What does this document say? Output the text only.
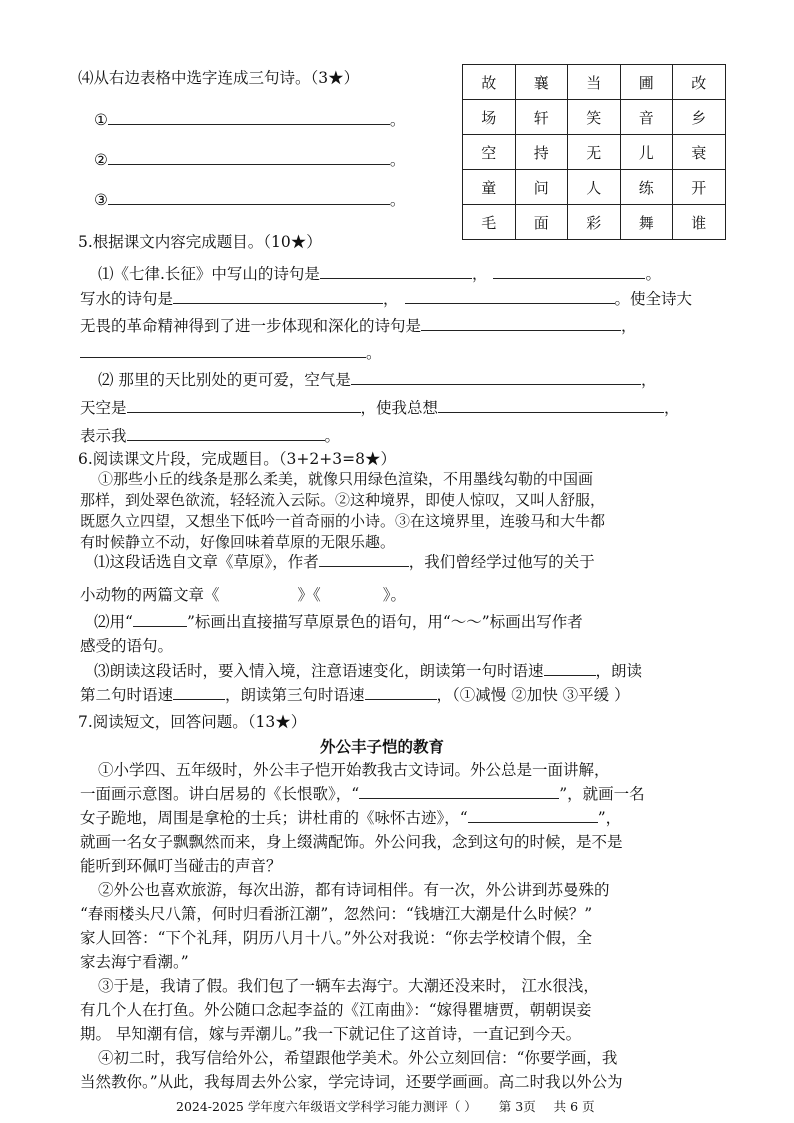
⑷从右边表格中选字连成三句诗。（3★）
①	。
②	。
③	。
故	襄	当	圃	改
场	轩	笑	音	乡
空	持	无	儿	衰
童	问	人	练	开
毛	面	彩	舞	谁
5.根据课文内容完成题目。（10★）
⑴《七律.长征》中写山的诗句是	，	。
写水的诗句是	，	。使全诗大
无畏的革命精神得到了进一步体现和深化的诗句是	，
。
⑵ 那里的天比别处的更可爱，空气是	，
天空是	，使我总想	，
表示我	。
6.阅读课文片段，完成题目。（3+2+3=8★）
①那些小丘的线条是那么柔美，就像只用绿色渲染，不用墨线勾勒的中国画
那样，到处翠色欲流，轻轻流入云际。②这种境界，即使人惊叹，又叫人舒服，
既愿久立四望，又想坐下低吟一首奇丽的小诗。③在这境界里，连骏马和大牛都
有时候静立不动，好像回味着草原的无限乐趣。
⑴这段话选自文章《草原》，作者	，我们曾经学过他写的关于
小动物的两篇文章《	》《	》。
⑵用“	”标画出直接描写草原景色的语句，用“～～”标画出写作者
感受的语句。
⑶朗读这段话时，要入情入境，注意语速变化，朗读第一句时语速	，朗读
第二句时语速	，朗读第三句时语速	，（①减慢 ②加快 ③平缓 ）
7.阅读短文，回答问题。（13★）
外公丰子恺的教育
①小学四、五年级时，外公丰子恺开始教我古文诗词。外公总是一面讲解，
一面画示意图。讲白居易的《长恨歌》，“	”，就画一名
女子跪地，周围是拿枪的士兵；讲杜甫的《咏怀古迹》，“	”，
就画一名女子飘飘然而来，身上缀满配饰。外公问我，念到这句的时候，是不是
能听到环佩叮当碰击的声音？
②外公也喜欢旅游，每次出游，都有诗词相伴。有一次，外公讲到苏曼殊的
“春雨楼头尺八箫，何时归看浙江潮”，忽然问：“钱塘江大潮是什么时候？”
家人回答：“下个礼拜，阴历八月十八。”外公对我说：“你去学校请个假，全
家去海宁看潮。”
③于是，我请了假。我们包了一辆车去海宁。大潮还没来时， 江水很浅，
有几个人在打鱼。外公随口念起李益的《江南曲》：“嫁得瞿塘贾，朝朝误妾
期。 早知潮有信，嫁与弄潮儿。”我一下就记住了这首诗，一直记到今天。
④初二时，我写信给外公，希望跟他学美术。外公立刻回信：“你要学画，我
当然教你。”从此，我每周去外公家，学完诗词，还要学画画。高二时我以外公为
2024-2025 学年度六年级语文学科学习能力测评（ ） 第 3页 共 6 页
